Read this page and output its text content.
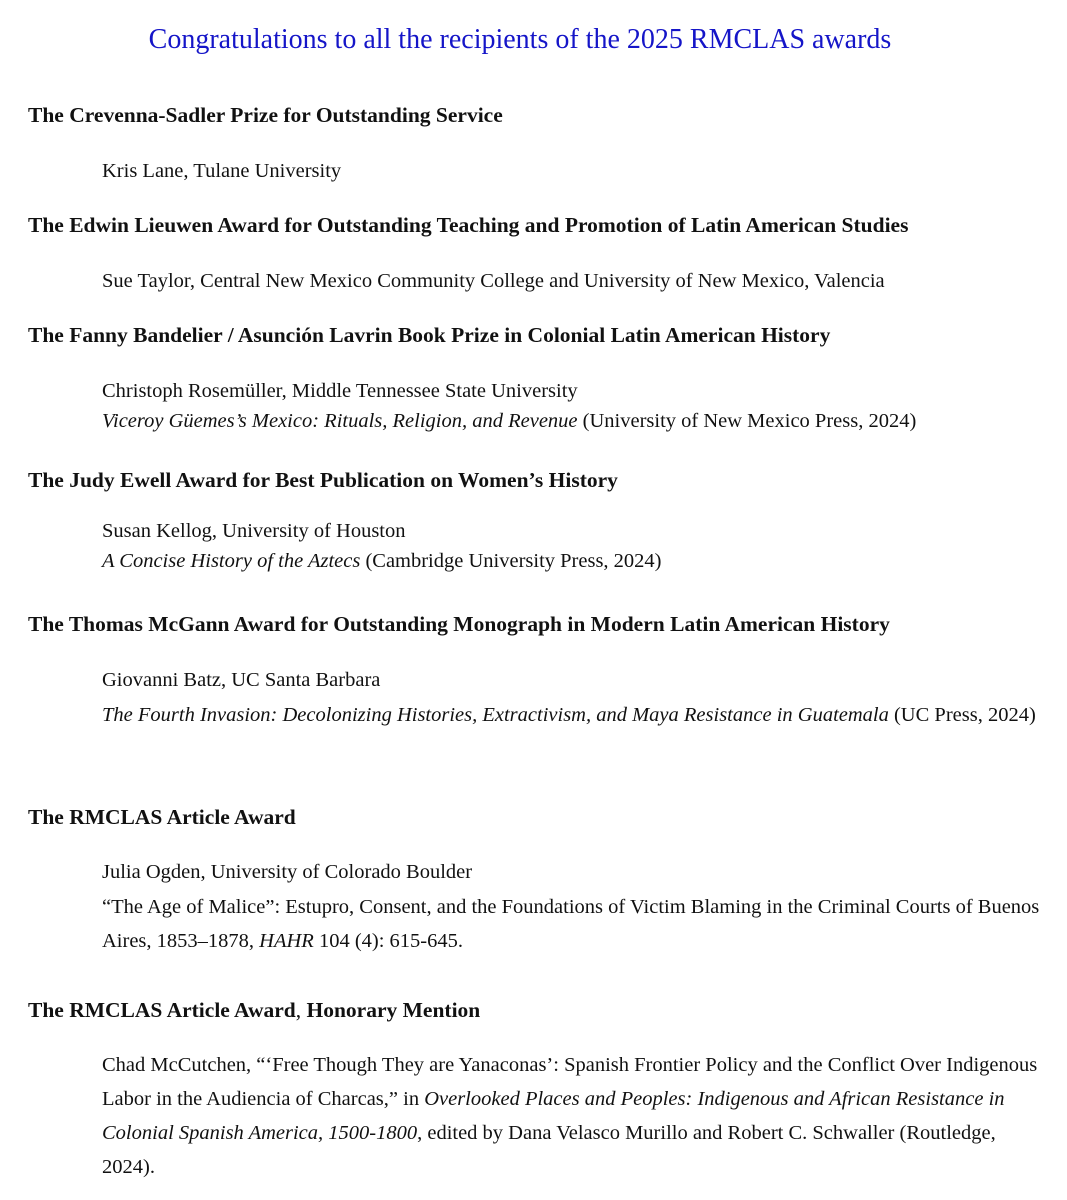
Congratulations to all the recipients of the 2025 RMCLAS awards
The Crevenna-Sadler Prize for Outstanding Service
Kris Lane, Tulane University
The Edwin Lieuwen Award for Outstanding Teaching and Promotion of Latin American Studies
Sue Taylor, Central New Mexico Community College and University of New Mexico, Valencia
The Fanny Bandelier / Asunción Lavrin Book Prize in Colonial Latin American History
Christoph Rosemüller, Middle Tennessee State University
Viceroy Güemes’s Mexico: Rituals, Religion, and Revenue (University of New Mexico Press, 2024)
The Judy Ewell Award for Best Publication on Women’s History
Susan Kellog, University of Houston
A Concise History of the Aztecs (Cambridge University Press, 2024)
The Thomas McGann Award for Outstanding Monograph in Modern Latin American History
Giovanni Batz, UC Santa Barbara
The Fourth Invasion: Decolonizing Histories, Extractivism, and Maya Resistance in Guatemala (UC Press, 2024)
The RMCLAS Article Award
Julia Ogden, University of Colorado Boulder
“The Age of Malice”: Estupro, Consent, and the Foundations of Victim Blaming in the Criminal Courts of Buenos Aires, 1853–1878, HAHR 104 (4): 615-645.
The RMCLAS Article Award, Honorary Mention
Chad McCutchen, “‘Free Though They are Yanaconas’: Spanish Frontier Policy and the Conflict Over Indigenous Labor in the Audiencia of Charcas,” in Overlooked Places and Peoples: Indigenous and African Resistance in Colonial Spanish America, 1500-1800, edited by Dana Velasco Murillo and Robert C. Schwaller (Routledge, 2024).
